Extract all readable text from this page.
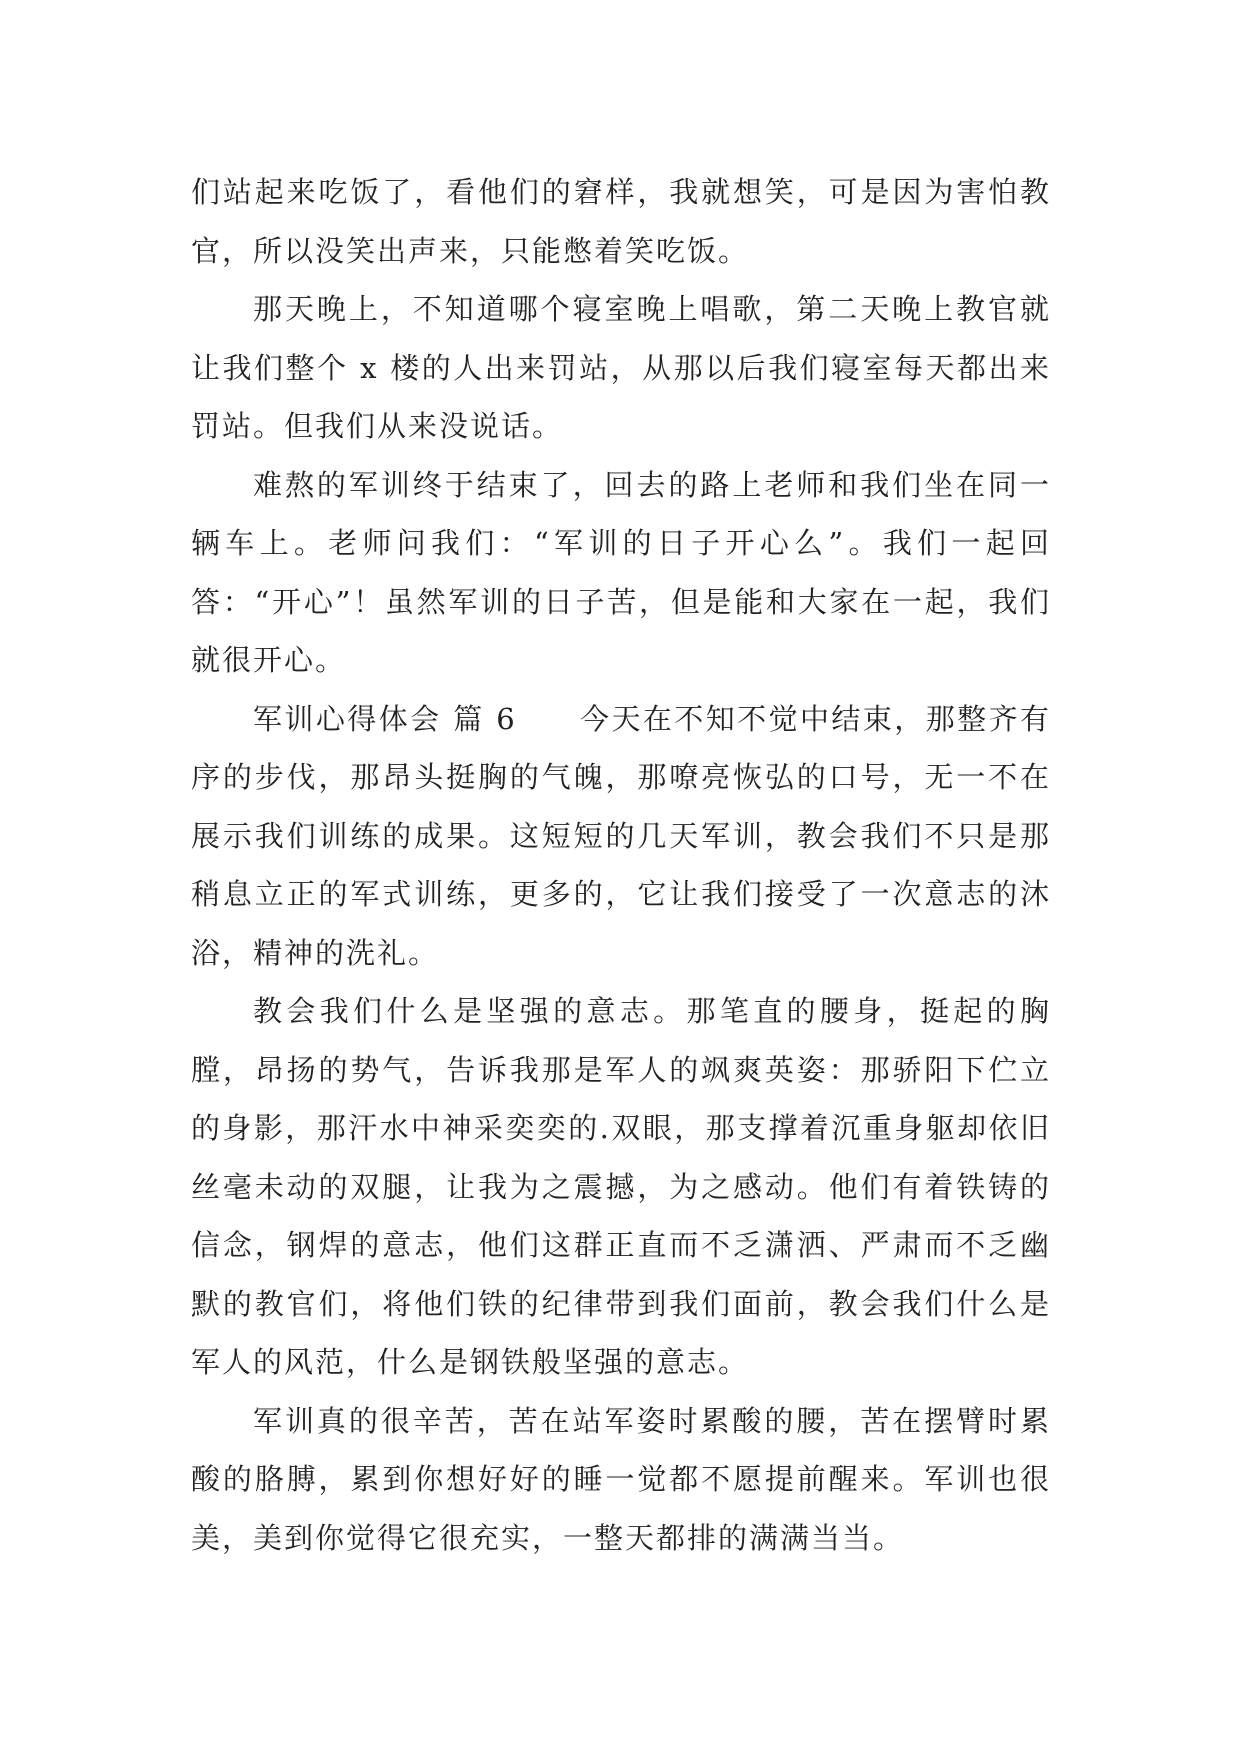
们站起来吃饭了，看他们的窘样，我就想笑，可是因为害怕教官，所以没笑出声来，只能憋着笑吃饭。

那天晚上，不知道哪个寝室晚上唱歌，第二天晚上教官就让我们整个 x 楼的人出来罚站，从那以后我们寝室每天都出来罚站。但我们从来没说话。

难熬的军训终于结束了，回去的路上老师和我们坐在同一辆车上。老师问我们：“军训的日子开心么”。我们一起回答：“开心”！虽然军训的日子苦，但是能和大家在一起，我们就很开心。

军训心得体会 篇 6　　今天在不知不觉中结束，那整齐有序的步伐，那昂头挺胸的气魄，那嘹亮恢弘的口号，无一不在展示我们训练的成果。这短短的几天军训，教会我们不只是那稍息立正的军式训练，更多的，它让我们接受了一次意志的沐浴，精神的洗礼。

教会我们什么是坚强的意志。那笔直的腰身，挺起的胸膛，昂扬的势气，告诉我那是军人的飒爽英姿：那骄阳下伫立的身影，那汗水中神采奕奕的.双眼，那支撑着沉重身躯却依旧丝毫未动的双腿，让我为之震撼，为之感动。他们有着铁铸的信念，钢焊的意志，他们这群正直而不乏潇洒、严肃而不乏幽默的教官们，将他们铁的纪律带到我们面前，教会我们什么是军人的风范，什么是钢铁般坚强的意志。

军训真的很辛苦，苦在站军姿时累酸的腰，苦在摆臂时累酸的胳膊，累到你想好好的睡一觉都不愿提前醒来。军训也很美，美到你觉得它很充实，一整天都排的满满当当。
